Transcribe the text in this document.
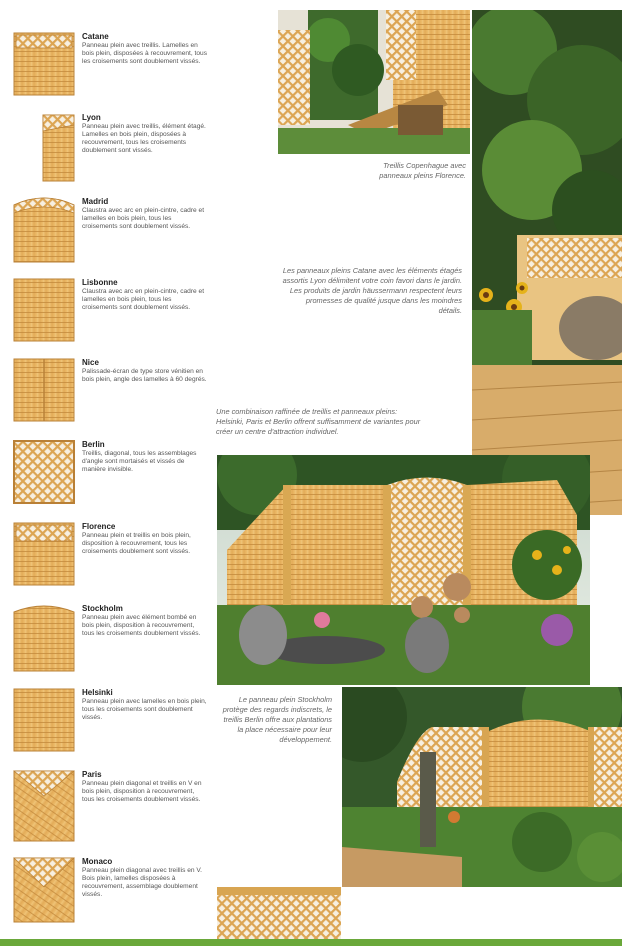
Catane

Panneau plein avec treillis. Lamelles en bois plein, disposées à recouvrement, tous les croisements sont doublement vissés.

Lyon

Panneau plein avec treillis, élément étagé. Lamelles en bois plein, disposées à recouvrement, tous les croisements doublement sont vissés.

Madrid

Claustra avec arc en plein-cintre, cadre et lamelles en bois plein, tous les croisements sont doublement vissés.

Lisbonne

Claustra avec arc en plein-cintre, cadre et lamelles en bois plein, tous les croisements sont doublement vissés.

Nice

Palissade-écran de type store vénitien en bois plein, angle des lamelles à 60 degrés.

Berlin

Treillis, diagonal, tous les assemblages d'angle sont mortaisés et vissés de manière invisible.

Florence

Panneau plein et treillis en bois plein, disposition à recouvrement, tous les croisements doublement sont vissés.

Stockholm

Panneau plein avec élément bombé en bois plein, disposition à recouvrement, tous les croisements doublement vissés.

Helsinki

Panneau plein avec lamelles en bois plein, tous les croisements sont doublement vissés.

Paris

Panneau plein diagonal et treillis en V en bois plein, disposition à recouvrement, tous les croisements doublement vissés.

Monaco

Panneau plein diagonal avec treillis en V. Bois plein, lamelles disposées à recouvrement, assemblage doublement vissés.

Treillis Copenhague avec panneaux pleins Florence.
Les panneaux pleins Catane avec les éléments étagés assortis Lyon délimitent votre coin favori dans le jardin. Les produits de jardin häussermann respectent leurs promesses de qualité jusque dans les moindres détails.
Une combinaison raffinée de treillis et panneaux pleins: Helsinki, Paris et Berlin offrent suffisamment de variantes pour créer un centre d'attraction individuel.
Le panneau plein Stockholm protège des regards indiscrets, le treillis Berlin offre aux plantations la place nécessaire pour leur développement.
